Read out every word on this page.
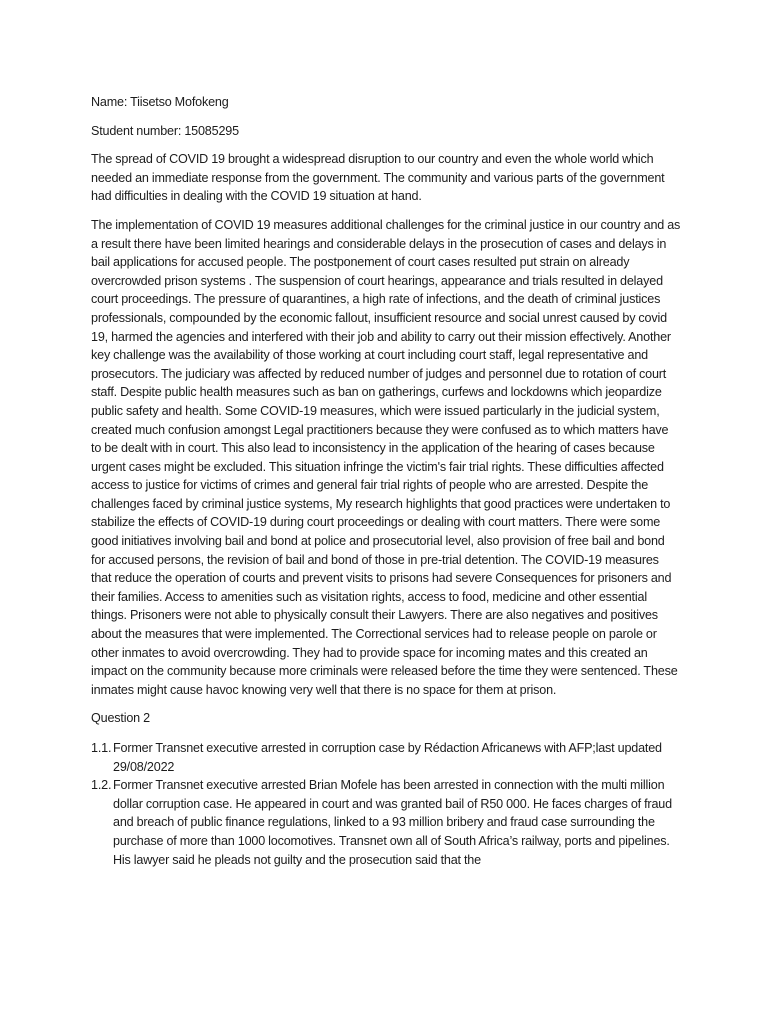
Name: Tiisetso Mofokeng

Student number: 15085295

The spread of COVID 19 brought a widespread disruption to our country and even the whole world which needed an immediate response from the government. The community and various parts of the government had difficulties in dealing with the COVID 19 situation at hand.

The implementation of COVID 19 measures additional challenges for the criminal justice in our country and as a result there have been limited hearings and considerable delays in the prosecution of cases and delays in bail applications for accused people. The postponement of court cases resulted put strain on already overcrowded prison systems . The suspension of court hearings, appearance and trials resulted in delayed court proceedings. The pressure of quarantines, a high rate of infections, and the death of criminal justices professionals, compounded by the economic fallout, insufficient resource and social unrest caused by covid 19, harmed the agencies and interfered with their job and ability to carry out their mission effectively. Another key challenge was the availability of those working at court including court staff, legal representative and prosecutors. The judiciary was affected by reduced number of judges and personnel due to rotation of court staff. Despite public health measures such as ban on gatherings, curfews and lockdowns which jeopardize public safety and health. Some COVID-19 measures, which were issued particularly in the judicial system, created much confusion amongst Legal practitioners because they were confused as to which matters have to be dealt with in court. This also lead to inconsistency in the application of the hearing of cases because urgent cases might be excluded. This situation infringe the victim's fair trial rights. These difficulties affected access to justice for victims of crimes and general fair trial rights of people who are arrested. Despite the challenges faced by criminal justice systems, My research highlights that good practices were undertaken to stabilize the effects of COVID-19 during court proceedings or dealing with court matters. There were some good initiatives involving bail and bond at police and prosecutorial level, also provision of free bail and bond for accused persons, the revision of bail and bond of those in pre-trial detention. The COVID-19 measures that reduce the operation of courts and prevent visits to prisons had severe Consequences for prisoners and their families. Access to amenities such as visitation rights, access to food, medicine and other essential things. Prisoners were not able to physically consult their Lawyers. There are also negatives and positives about the measures that were implemented. The Correctional services had to release people on parole or other inmates to avoid overcrowding. They had to provide space for incoming mates and this created an impact on the community because more criminals were released before the time they were sentenced. These inmates might cause havoc knowing very well that there is no space for them at prison.

Question 2

1.1. Former Transnet executive arrested in corruption case by Rédaction Africanews with AFP;last updated 29/08/2022
1.2. Former Transnet executive arrested Brian Mofele has been arrested in connection with the multi million dollar corruption case. He appeared in court and was granted bail of R50 000. He faces charges of fraud and breach of public finance regulations, linked to a 93 million bribery and fraud case surrounding the purchase of more than 1000 locomotives. Transnet own all of South Africa’s railway, ports and pipelines. His lawyer said he pleads not guilty and the prosecution said that the
